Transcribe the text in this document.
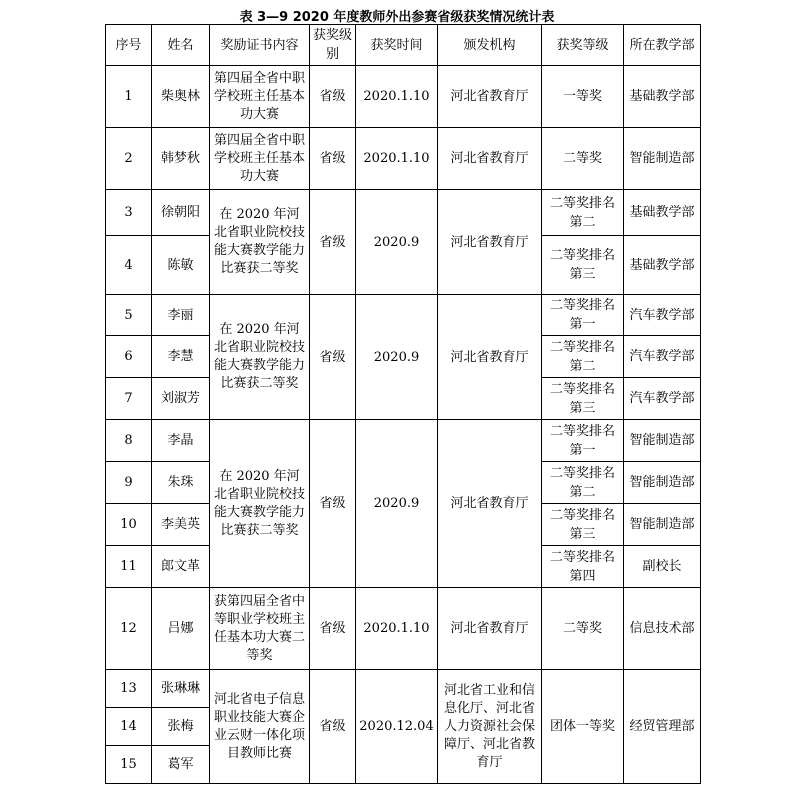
表 3—9 2020 年度教师外出参赛省级获奖情况统计表
序号	姓名	奖励证书内容	获奖级别	获奖时间	颁发机构	获奖等级	所在教学部
1	柴奥林	第四届全省中职学校班主任基本功大赛	省级	2020.1.10	河北省教育厅	一等奖	基础教学部
2	韩梦秋	第四届全省中职学校班主任基本功大赛	省级	2020.1.10	河北省教育厅	二等奖	智能制造部
3	徐朝阳	在 2020 年河北省职业院校技能大赛教学能力比赛获二等奖	省级	2020.9	河北省教育厅	二等奖排名第二	基础教学部
4	陈敏					二等奖排名第三	基础教学部
5	李丽	在 2020 年河北省职业院校技能大赛教学能力比赛获二等奖	省级	2020.9	河北省教育厅	二等奖排名第一	汽车教学部
6	李慧					二等奖排名第二	汽车教学部
7	刘淑芳					二等奖排名第三	汽车教学部
8	李晶	在 2020 年河北省职业院校技能大赛教学能力比赛获二等奖	省级	2020.9	河北省教育厅	二等奖排名第一	智能制造部
9	朱珠					二等奖排名第二	智能制造部
10	李美英					二等奖排名第三	智能制造部
11	郎文革					二等奖排名第四	副校长
12	吕娜	获第四届全省中等职业学校班主任基本功大赛二等奖	省级	2020.1.10	河北省教育厅	二等奖	信息技术部
13	张琳琳	河北省电子信息职业技能大赛企业云财一体化项目教师比赛	省级	2020.12.04	河北省工业和信息化厅、河北省人力资源社会保障厅、河北省教育厅	团体一等奖	经贸管理部
14	张梅						
15	葛军						
